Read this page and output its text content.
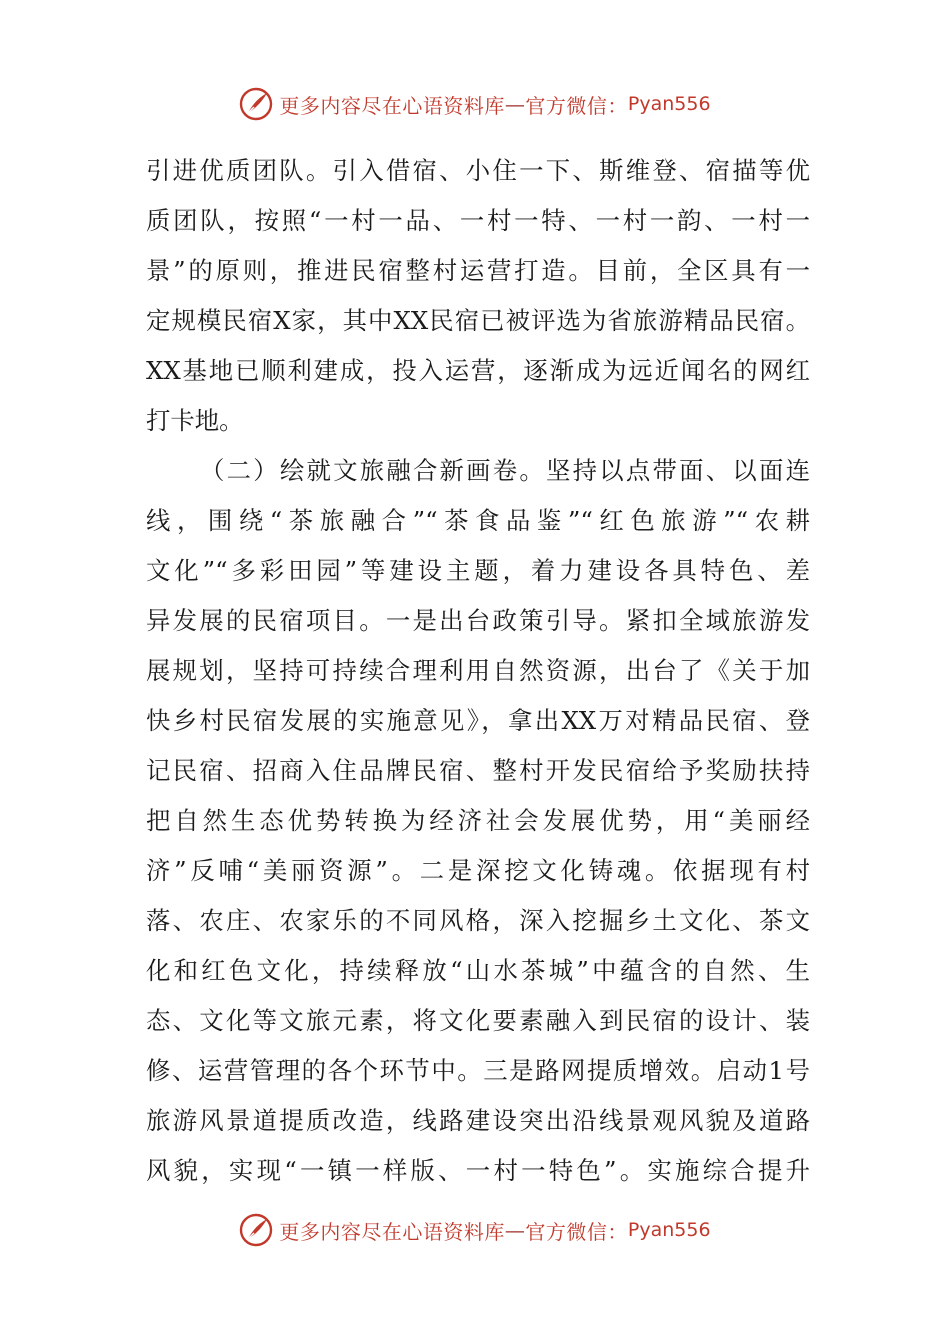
更多内容尽在心语资料库 — 官方微信： Pyan556
引进优质团队。引入借宿、小住一下、斯维登、宿描等优
质团队，按照“一村一品、一村一特、一村一韵、一村一
景”的原则，推进民宿整村运营打造。目前，全区具有一
定规模民宿X家，其中XX民宿已被评选为省旅游精品民宿。
XX基地已顺利建成，投入运营，逐渐成为远近闻名的网红
打卡地。
（二）绘就文旅融合新画卷。坚持以点带面、以面连
线，围绕“茶旅融合”“茶食品鉴”“红色旅游”“农耕
文化”“多彩田园”等建设主题，着力建设各具特色、差
异发展的民宿项目。一是出台政策引导。紧扣全域旅游发
展规划，坚持可持续合理利用自然资源，出台了《关于加
快乡村民宿发展的实施意见》，拿出XX万对精品民宿、登
记民宿、招商入住品牌民宿、整村开发民宿给予奖励扶持
把自然生态优势转换为经济社会发展优势，用“美丽经
济”反哺“美丽资源”。二是深挖文化铸魂。依据现有村
落、农庄、农家乐的不同风格，深入挖掘乡土文化、茶文
化和红色文化，持续释放“山水茶城”中蕴含的自然、生
态、文化等文旅元素，将文化要素融入到民宿的设计、装
修、运营管理的各个环节中。三是路网提质增效。启动1号
旅游风景道提质改造，线路建设突出沿线景观风貌及道路
风貌，实现“一镇一样版、一村一特色”。实施综合提升
更多内容尽在心语资料库 — 官方微信： Pyan556
